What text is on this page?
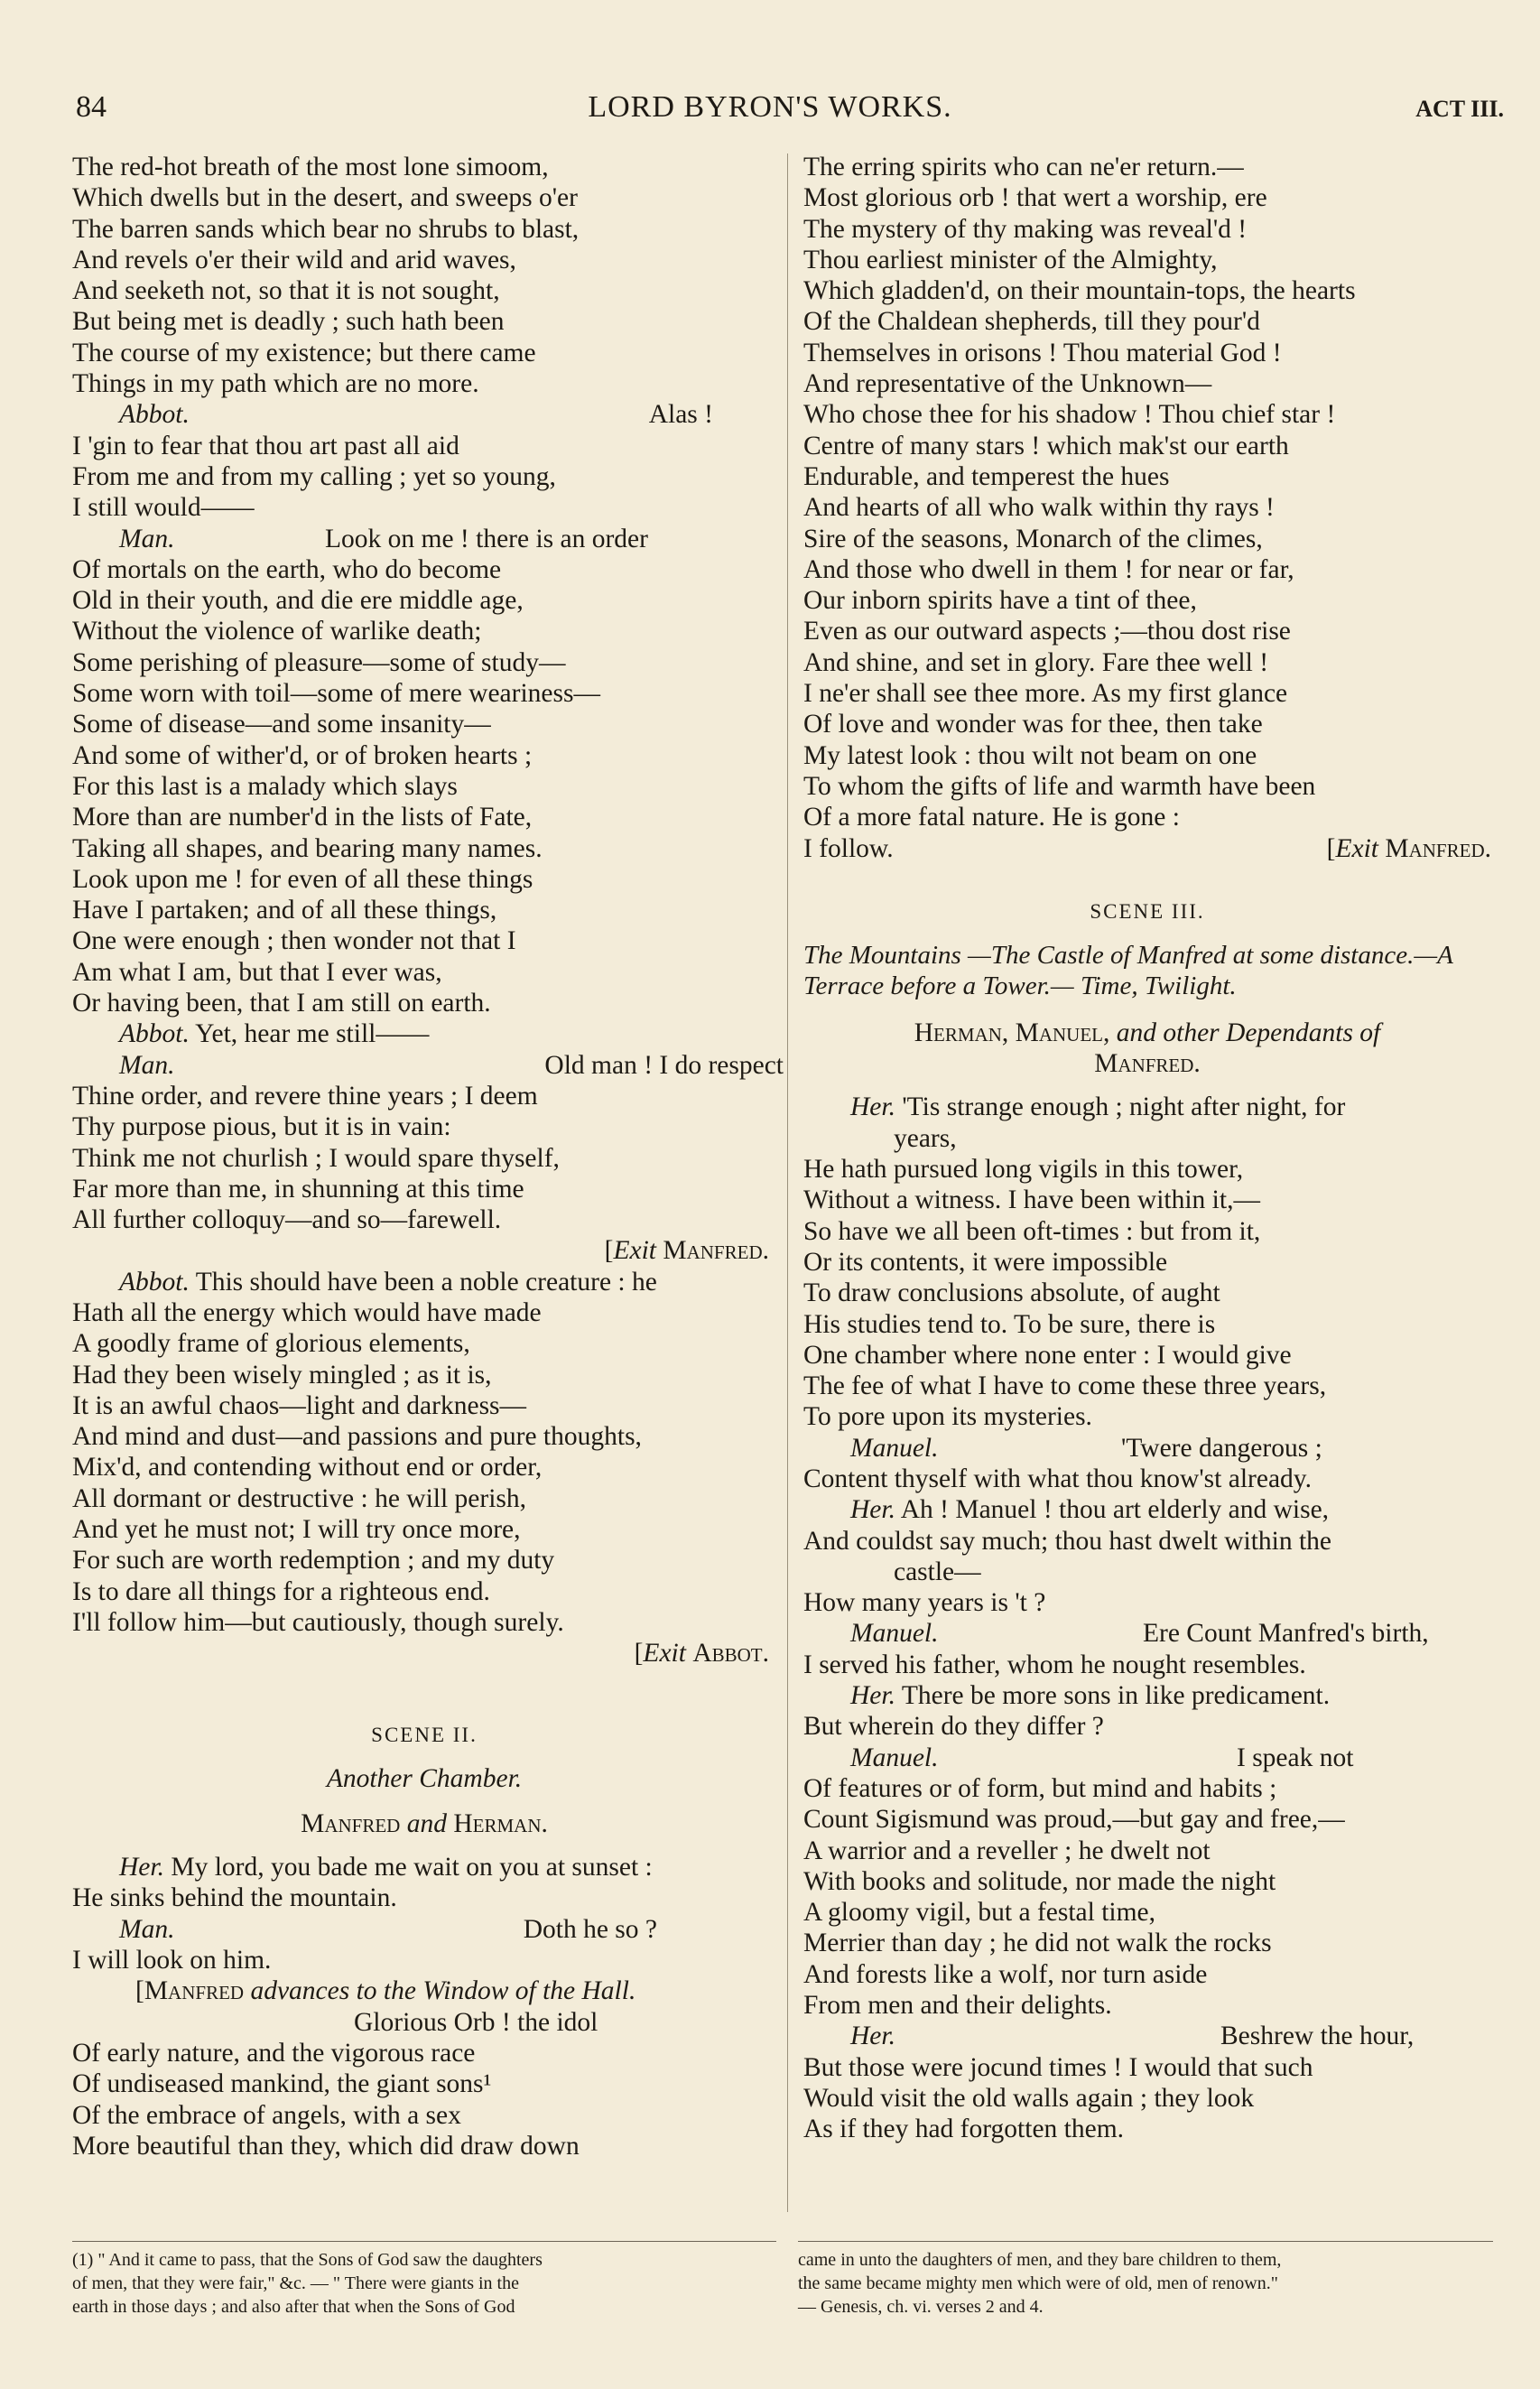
84	LORD BYRON'S WORKS.	ACT III.
The red-hot breath of the most lone simoom,
Which dwells but in the desert, and sweeps o'er
The barren sands which bear no shrubs to blast,
And revels o'er their wild and arid waves,
And seeketh not, so that it is not sought,
But being met is deadly ; such hath been
The course of my existence; but there came
Things in my path which are no more.
Abbot.	Alas !
I 'gin to fear that thou art past all aid
From me and from my calling ; yet so young,
I still would——
Man.	Look on me ! there is an order
Of mortals on the earth, who do become
Old in their youth, and die ere middle age,
Without the violence of warlike death;
Some perishing of pleasure—some of study—
Some worn with toil—some of mere weariness—
Some of disease—and some insanity—
And some of wither'd, or of broken hearts ;
For this last is a malady which slays
More than are number'd in the lists of Fate,
Taking all shapes, and bearing many names.
Look upon me ! for even of all these things
Have I partaken; and of all these things,
One were enough ; then wonder not that I
Am what I am, but that I ever was,
Or having been, that I am still on earth.
Abbot. Yet, hear me still——
Man.	Old man ! I do respect
Thine order, and revere thine years ; I deem
Thy purpose pious, but it is in vain:
Think me not churlish ; I would spare thyself,
Far more than me, in shunning at this time
All further colloquy—and so—farewell.
[Exit Manfred.
Abbot. This should have been a noble creature : he
Hath all the energy which would have made
A goodly frame of glorious elements,
Had they been wisely mingled ; as it is,
It is an awful chaos—light and darkness—
And mind and dust—and passions and pure thoughts,
Mix'd, and contending without end or order,
All dormant or destructive : he will perish,
And yet he must not; I will try once more,
For such are worth redemption ; and my duty
Is to dare all things for a righteous end.
I'll follow him—but cautiously, though surely.
[Exit Abbot.
SCENE II.
Another Chamber.
Manfred and Herman.
Her. My lord, you bade me wait on you at sunset :
He sinks behind the mountain.
Man.	Doth he so ?
I will look on him.
[Manfred advances to the Window of the Hall.
Glorious Orb ! the idol
Of early nature, and the vigorous race
Of undiseased mankind, the giant sons¹
Of the embrace of angels, with a sex
More beautiful than they, which did draw down
The erring spirits who can ne'er return.—
Most glorious orb ! that wert a worship, ere
The mystery of thy making was reveal'd !
Thou earliest minister of the Almighty,
Which gladden'd, on their mountain-tops, the hearts
Of the Chaldean shepherds, till they pour'd
Themselves in orisons ! Thou material God !
And representative of the Unknown—
Who chose thee for his shadow ! Thou chief star !
Centre of many stars ! which mak'st our earth
Endurable, and temperest the hues
And hearts of all who walk within thy rays !
Sire of the seasons, Monarch of the climes,
And those who dwell in them ! for near or far,
Our inborn spirits have a tint of thee,
Even as our outward aspects ;—thou dost rise
And shine, and set in glory. Fare thee well !
I ne'er shall see thee more. As my first glance
Of love and wonder was for thee, then take
My latest look : thou wilt not beam on one
To whom the gifts of life and warmth have been
Of a more fatal nature. He is gone :
I follow.	[Exit Manfred.
SCENE III.
The Mountains —The Castle of Manfred at some distance.—A Terrace before a Tower.— Time, Twilight.
Herman, Manuel, and other Dependants of
Manfred.
Her. 'Tis strange enough ; night after night, for
years,
He hath pursued long vigils in this tower,
Without a witness. I have been within it,—
So have we all been oft-times : but from it,
Or its contents, it were impossible
To draw conclusions absolute, of aught
His studies tend to. To be sure, there is
One chamber where none enter : I would give
The fee of what I have to come these three years,
To pore upon its mysteries.
Manuel.	'Twere dangerous ;
Content thyself with what thou know'st already.
Her. Ah ! Manuel ! thou art elderly and wise,
And couldst say much; thou hast dwelt within the
castle—
How many years is 't ?
Manuel.	Ere Count Manfred's birth,
I served his father, whom he nought resembles.
Her. There be more sons in like predicament.
But wherein do they differ ?
Manuel.	I speak not
Of features or of form, but mind and habits ;
Count Sigismund was proud,—but gay and free,—
A warrior and a reveller ; he dwelt not
With books and solitude, nor made the night
A gloomy vigil, but a festal time,
Merrier than day ; he did not walk the rocks
And forests like a wolf, nor turn aside
From men and their delights.
Her.	Beshrew the hour,
But those were jocund times ! I would that such
Would visit the old walls again ; they look
As if they had forgotten them.
(1) " And it came to pass, that the Sons of God saw the daughters
of men, that they were fair," &c. — " There were giants in the
earth in those days ; and also after that when the Sons of God
came in unto the daughters of men, and they bare children to them,
the same became mighty men which were of old, men of renown."
— Genesis, ch. vi. verses 2 and 4.
